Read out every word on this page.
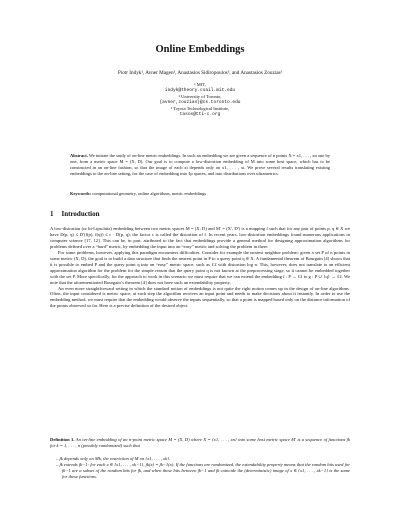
Online Embeddings
Piotr Indyk¹, Avner Magen², Anastasios Sidiropoulos³, and Anastasios Zouzias²
¹ MIT,
indyk@theory.csail.mit.edu
² University of Toronto,
{avner,zouzias}@cs.toronto.edu
³ Toyota Technological Institute,
tasos@tti-c.org
Abstract. We initiate the study of on-line metric embeddings. In such an embedding we are given a sequence of n points X = x1, . . . , xn one by one, from a metric space M = (X, D). Our goal is to compute a low-distortion embedding of M into some host space, which has to be constructed in an on-line fashion, so that the image of each xi depends only on x1, . . . , xi. We prove several results translating existing embeddings to the on-line setting, for the case of embedding into ℓp spaces, and into distributions over ultrametrics.
Keywords: computational geometry, online algorithms, metric embeddings
1 Introduction

A low-distortion (or bi-Lipschitz) embedding between two metric spaces M = (X, D) and M′ = (X′, D′) is a mapping f such that for any pair of points p, q ∈ X we have D(p, q) ≤ D′(f(p), f(q)) ≤ c · D(p, q); the factor c is called the distortion of f. In recent years, low-distortion embeddings found numerous applications in computer science [17, 12]. This can be, in part, attributed to the fact that embeddings provide a general method for designing approximation algorithms for problems defined over a “hard” metric, by embedding the input into an “easy” metric and solving the problem in there.

For some problems, however, applying this paradigm encounters difficulties. Consider for example the nearest neighbor problem: given a set P of n points in some metric (X, D), the goal is to build a data structure that finds the nearest point in P to a query point q ∈ X. A fundamental theorem of Bourgain [4] shows that it is possible to embed P and the query point q into an “easy” metric space, such as ℓ2 with distortion log n. This, however, does not translate to an efficient approximation algorithm for the problem for the simple reason that the query point q is not known at the preprocessing stage, so it cannot be embedded together with the set P. More specifically, for the approach to work in this scenario we must require that we can extend the embedding f : P → ℓ2 to g : P ∪ {q} → ℓ2. We note that the aforementioned Bourgain’s theorem [4] does not have such an extendability property.

An even more straightforward setting in which the standard notion of embeddings is not quite the right notion comes up in the design of on-line algorithms. Often, the input considered is metric space; at each step the algorithm receives an input point and needs to make decisions about it instantly. In order to use the embedding method, we must require that the embedding would observe the inputs sequentially, so that a point is mapped based only on the distance information of the points observed so far. Here is a precise definition of the desired object.

Definition 1. An on-line embedding of an n-point metric space M = (X, D) where X = {x1, . . . , xn} into some host metric space M′ is a sequence of functions fk for k = 1, . . . , n (possibly randomized) such that
– fk depends only on Mk, the restriction of M on {x1, . . . , xk}.
– fk extends fk−1: for each x ∈ {x1, . . . , xk−1}, fk(x) = fk−1(x). If the functions are randomized, the extendability property means that the random bits used for fk−1 are a subset of the random bits for fk, and when these bits between fk−1 and fk coincide the (deterministic) image of x ∈ {x1, . . . , xk−1} is the same for these functions.
